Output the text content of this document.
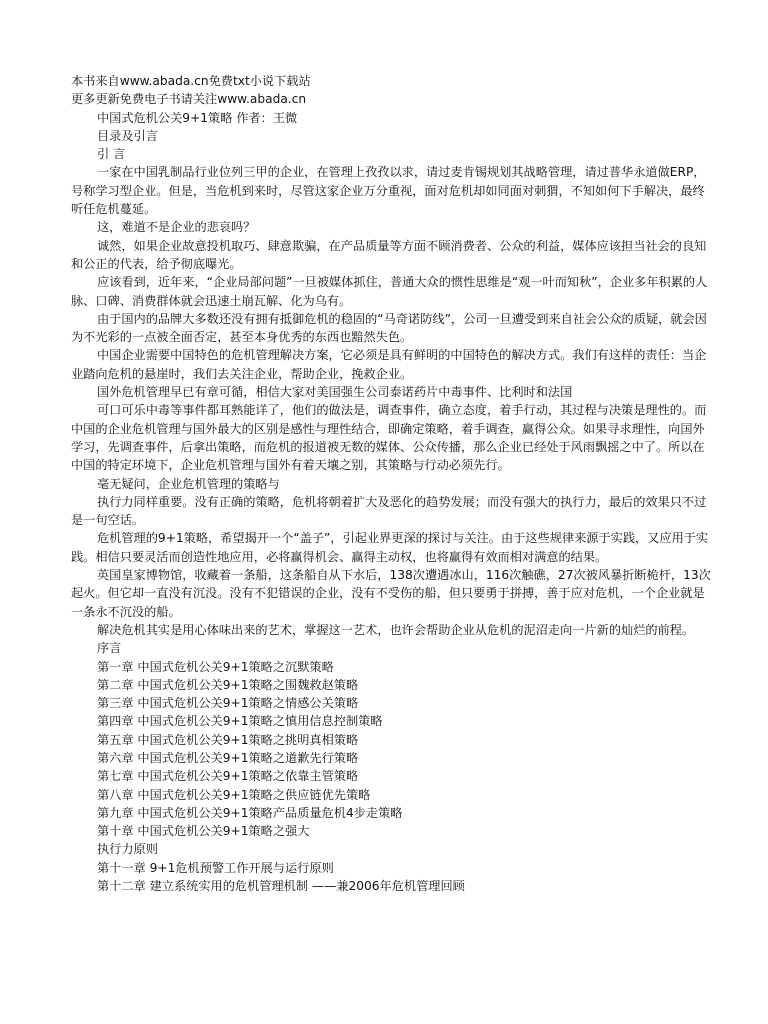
本书来自www.abada.cn免费txt小说下载站

更多更新免费电子书请关注www.abada.cn

中国式危机公关9+1策略 作者：王微

目录及引言

引 言

一家在中国乳制品行业位列三甲的企业，在管理上孜孜以求，请过麦肯锡规划其战略管理，请过普华永道做ERP，号称学习型企业。但是，当危机到来时，尽管这家企业万分重视，面对危机却如同面对刺猬，不知如何下手解决，最终听任危机蔓延。

这，难道不是企业的悲哀吗？

诚然，如果企业故意投机取巧、肆意欺骗，在产品质量等方面不顾消费者、公众的利益，媒体应该担当社会的良知和公正的代表，给予彻底曝光。

应该看到，近年来，“企业局部问题”一旦被媒体抓住，普通大众的惯性思维是“观一叶而知秋”，企业多年积累的人脉、口碑、消费群体就会迅速土崩瓦解、化为乌有。

由于国内的品牌大多数还没有拥有抵御危机的稳固的“马奇诺防线”，公司一旦遭受到来自社会公众的质疑，就会因为不光彩的一点被全面否定，甚至本身优秀的东西也黯然失色。

中国企业需要中国特色的危机管理解决方案，它必须是具有鲜明的中国特色的解决方式。我们有这样的责任：当企业踏向危机的悬崖时，我们去关注企业，帮助企业，挽救企业。

国外危机管理早已有章可循，相信大家对美国强生公司泰诺药片中毒事件、比利时和法国

可口可乐中毒等事件都耳熟能详了，他们的做法是，调查事件，确立态度，着手行动，其过程与决策是理性的。而中国的企业危机管理与国外最大的区别是感性与理性结合，即确定策略，着手调查，赢得公众。如果寻求理性，向国外学习，先调查事件，后拿出策略，而危机的报道被无数的媒体、公众传播，那么企业已经处于风雨飘摇之中了。所以在中国的特定环境下，企业危机管理与国外有着天壤之别，其策略与行动必须先行。

毫无疑问，企业危机管理的策略与

执行力同样重要。没有正确的策略，危机将朝着扩大及恶化的趋势发展；而没有强大的执行力，最后的效果只不过是一句空话。

危机管理的9+1策略，希望揭开一个“盖子”，引起业界更深的探讨与关注。由于这些规律来源于实践，又应用于实践。相信只要灵活而创造性地应用，必将赢得机会、赢得主动权，也将赢得有效而相对满意的结果。

英国皇家博物馆，收藏着一条船，这条船自从下水后，138次遭遇冰山，116次触礁，27次被风暴折断桅杆，13次起火。但它却一直没有沉没。没有不犯错误的企业，没有不受伤的船，但只要勇于拼搏，善于应对危机，一个企业就是一条永不沉没的船。

解决危机其实是用心体味出来的艺术，掌握这一艺术，也许会帮助企业从危机的泥沼走向一片新的灿烂的前程。

序言

第一章 中国式危机公关9+1策略之沉默策略

第二章 中国式危机公关9+1策略之围魏救赵策略

第三章 中国式危机公关9+1策略之情感公关策略

第四章 中国式危机公关9+1策略之慎用信息控制策略

第五章 中国式危机公关9+1策略之挑明真相策略

第六章 中国式危机公关9+1策略之道歉先行策略

第七章 中国式危机公关9+1策略之依靠主管策略

第八章 中国式危机公关9+1策略之供应链优先策略

第九章 中国式危机公关9+1策略产品质量危机4步走策略

第十章 中国式危机公关9+1策略之强大

执行力原则

第十一章 9+1危机预警工作开展与运行原则

第十二章 建立系统实用的危机管理机制 ——兼2006年危机管理回顾
